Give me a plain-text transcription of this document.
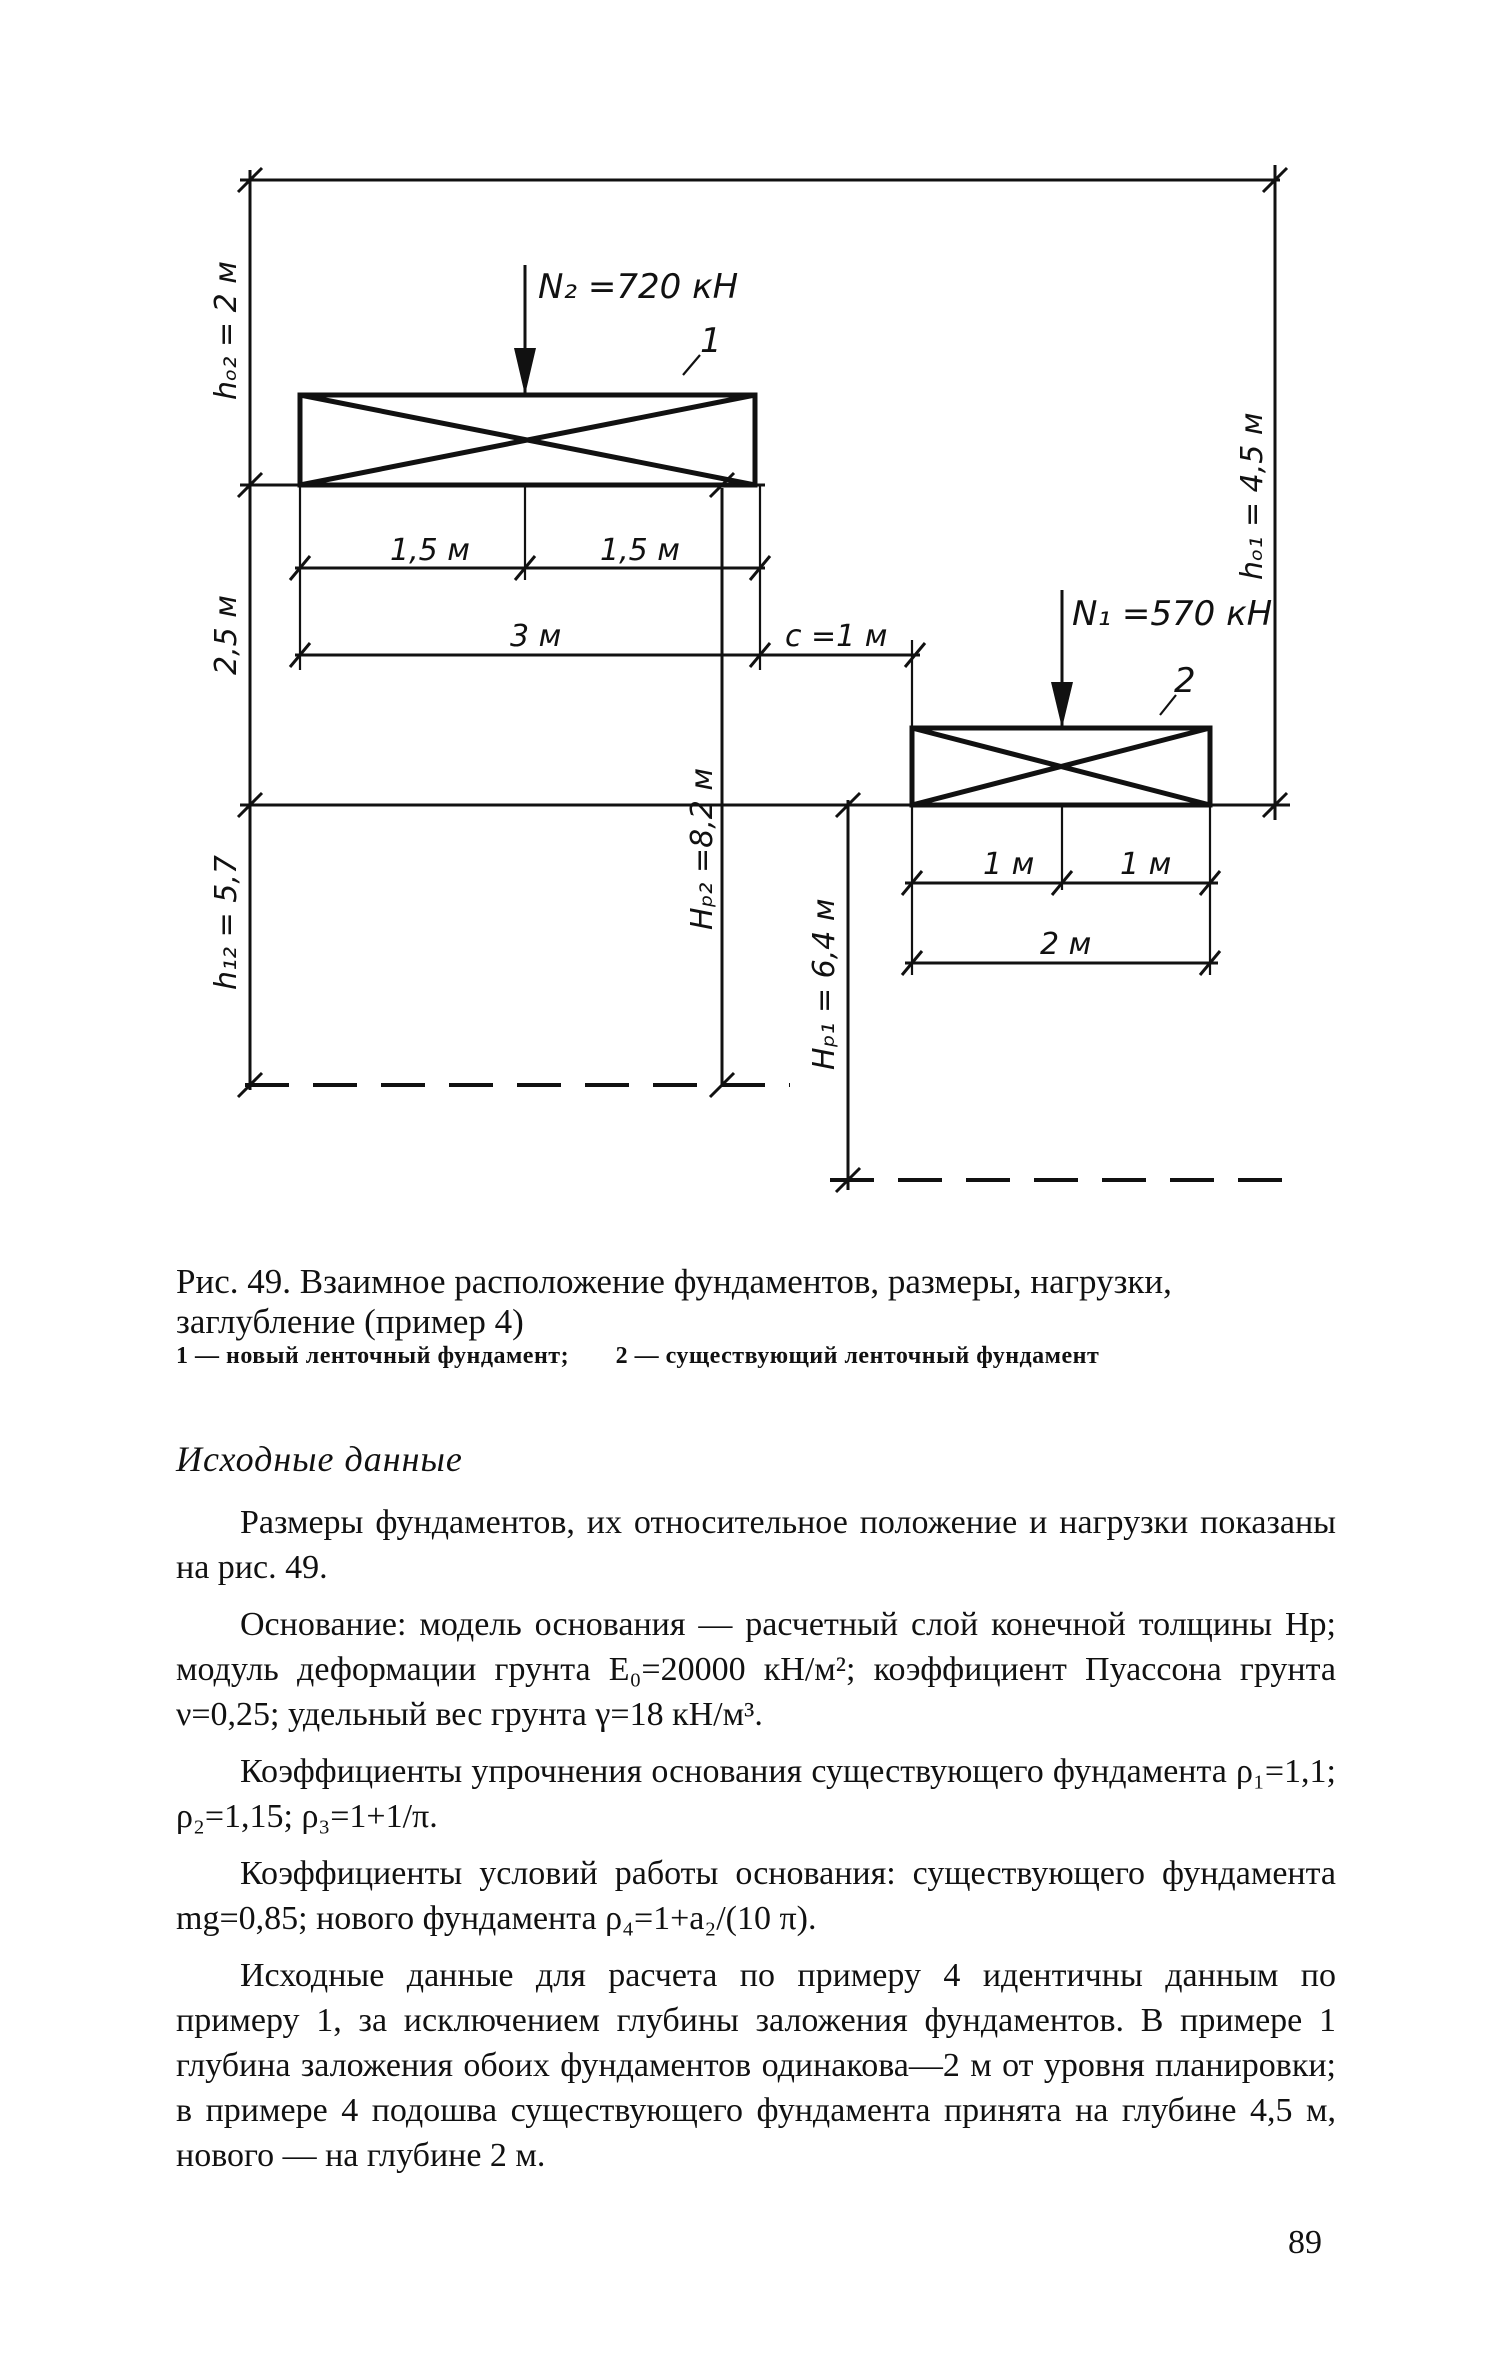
N₂ =720 кН
1
N₁ =570 кН
2
1,5 м	1,5 м
3 м	c =1 м
1 м	1 м
2 м
hₒ₂ = 2 м
2,5 м
h₁₂ = 5,7	Hₚ₂ =8,2 м
Hₚ₁ = 6,4 м
hₒ₁ = 4,5 м
Рис. 49. Взаимное расположение фундаментов, размеры, нагрузки, заглубление (пример 4)
1 — новый ленточный фундамент; 2 — существующий ленточный фундамент
Исходные данные

Размеры фундаментов, их относительное положение и нагрузки показаны на рис. 49.

Основание: модель основания — расчетный слой конечной толщины Hр; модуль деформации грунта E₀=20000 кН/м²; коэффициент Пуассона грунта ν=0,25; удельный вес грунта γ=18 кН/м³.

Коэффициенты упрочнения основания существующего фундамента ρ₁=1,1; ρ₂=1,15; ρ₃=1+1/π.

Коэффициенты условий работы основания: существующего фундамента mg=0,85; нового фундамента ρ₄=1+a₂/(10 π).

Исходные данные для расчета по примеру 4 идентичны данным по примеру 1, за исключением глубины заложения фундаментов. В примере 1 глубина заложения обоих фундаментов одинакова—2 м от уровня планировки; в примере 4 подошва существующего фундамента принята на глубине 4,5 м, нового — на глубине 2 м.

89
